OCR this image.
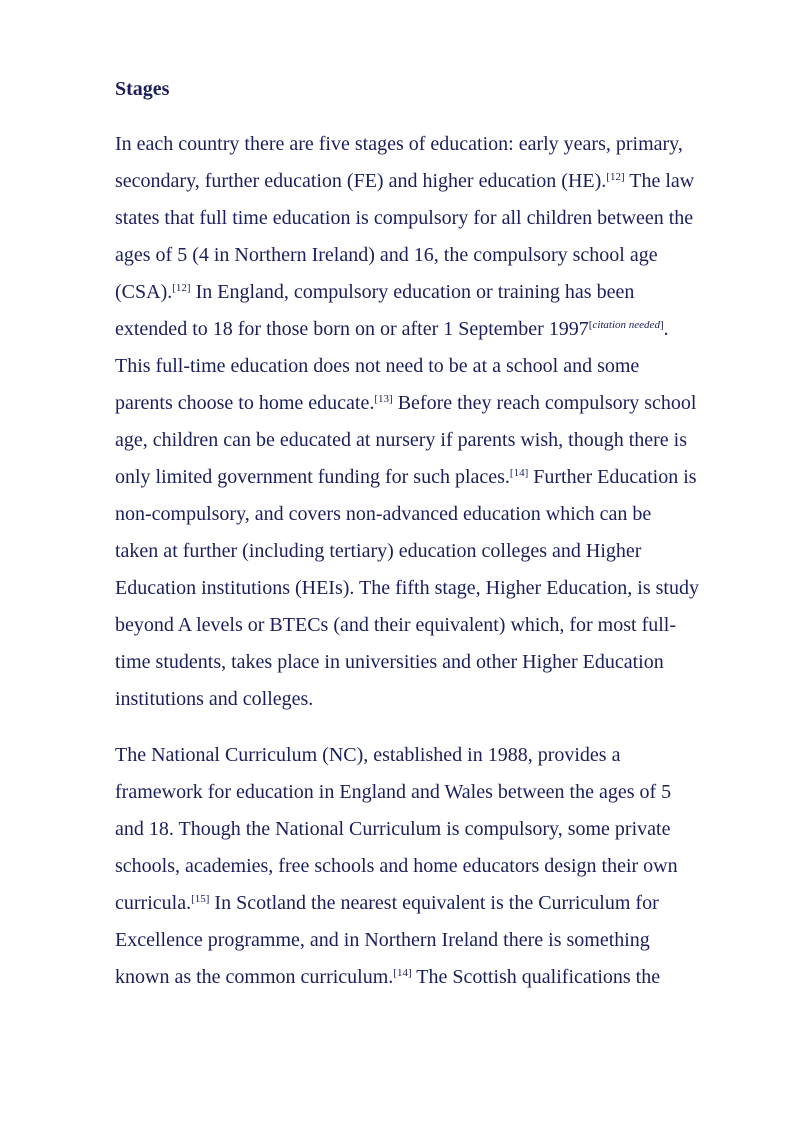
Stages

In each country there are five stages of education: early years, primary,
secondary, further education (FE) and higher education (HE).[12] The law
states that full time education is compulsory for all children between the
ages of 5 (4 in Northern Ireland) and 16, the compulsory school age
(CSA).[12] In England, compulsory education or training has been
extended to 18 for those born on or after 1 September 1997[citation needed].
This full-time education does not need to be at a school and some
parents choose to home educate.[13] Before they reach compulsory school
age, children can be educated at nursery if parents wish, though there is
only limited government funding for such places.[14] Further Education is
non-compulsory, and covers non-advanced education which can be
taken at further (including tertiary) education colleges and Higher
Education institutions (HEIs). The fifth stage, Higher Education, is study
beyond A levels or BTECs (and their equivalent) which, for most full-
time students, takes place in universities and other Higher Education
institutions and colleges.

The National Curriculum (NC), established in 1988, provides a
framework for education in England and Wales between the ages of 5
and 18. Though the National Curriculum is compulsory, some private
schools, academies, free schools and home educators design their own
curricula.[15] In Scotland the nearest equivalent is the Curriculum for
Excellence programme, and in Northern Ireland there is something
known as the common curriculum.[14] The Scottish qualifications the
